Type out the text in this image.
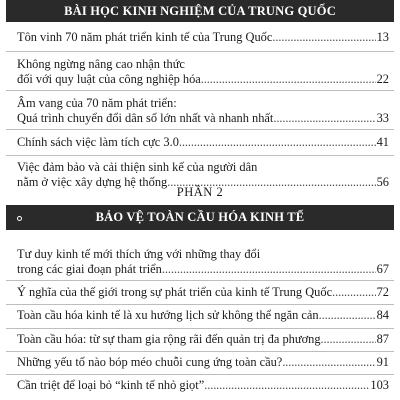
BÀI HỌC KINH NGHIỆM CỦA TRUNG QUỐC
Tôn vinh 70 năm phát triển kinh tế của Trung Quốc . . .	13
Không ngừng nâng cao nhận thức
đối với quy luật của công nghiệp hóa . . .	22
Âm vang của 70 năm phát triển:
Quá trình chuyển đổi dân số lớn nhất và nhanh nhất . . .	33
Chính sách việc làm tích cực 3.0 . . .	41
Việc đảm bảo và cải thiện sinh kế của người dân
nằm ở việc xây dựng hệ thống . . .	56
PHẦN 2
BẢO VỆ TOÀN CẦU HÓA KINH TẾ
Tư duy kinh tế mới thích ứng với những thay đổi
trong các giai đoạn phát triển . . .	67
Ý nghĩa của thế giới trong sự phát triển của kinh tế Trung Quốc . . .	72
Toàn cầu hóa kinh tế là xu hướng lịch sử không thể ngăn cản . . .	84
Toàn cầu hóa: từ sự tham gia rộng rãi đến quản trị đa phương . . .	87
Những yếu tố nào bóp méo chuỗi cung ứng toàn cầu? . . .	91
Cần triệt để loại bỏ “kinh tế nhỏ giọt” . . .	103
